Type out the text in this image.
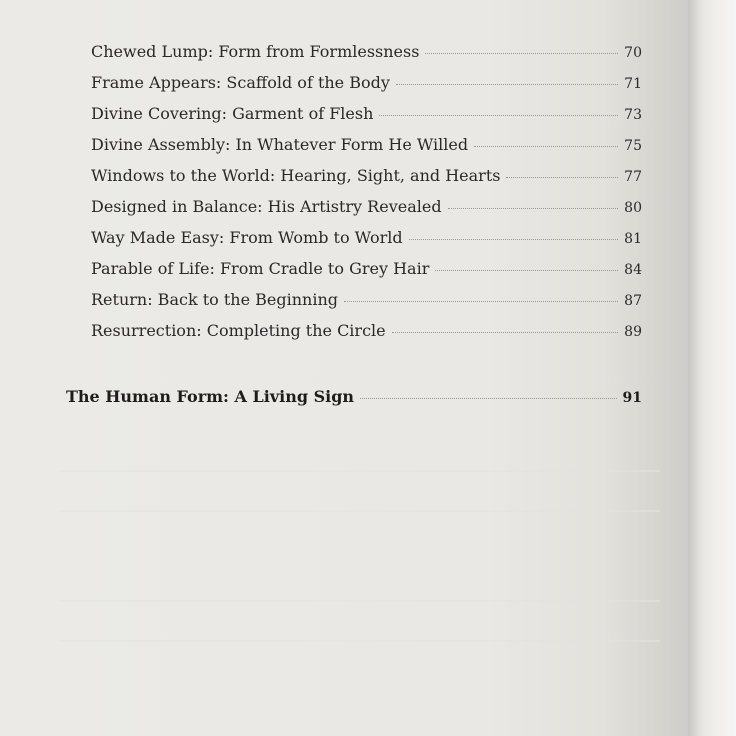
Chewed Lump: Form from Formlessness	70
Frame Appears: Scaffold of the Body	71
Divine Covering: Garment of Flesh	73
Divine Assembly: In Whatever Form He Willed	75
Windows to the World: Hearing, Sight, and Hearts	77
Designed in Balance: His Artistry Revealed	80
Way Made Easy: From Womb to World	81
Parable of Life: From Cradle to Grey Hair	84
Return: Back to the Beginning	87
Resurrection: Completing the Circle	89
The Human Form: A Living Sign	91
